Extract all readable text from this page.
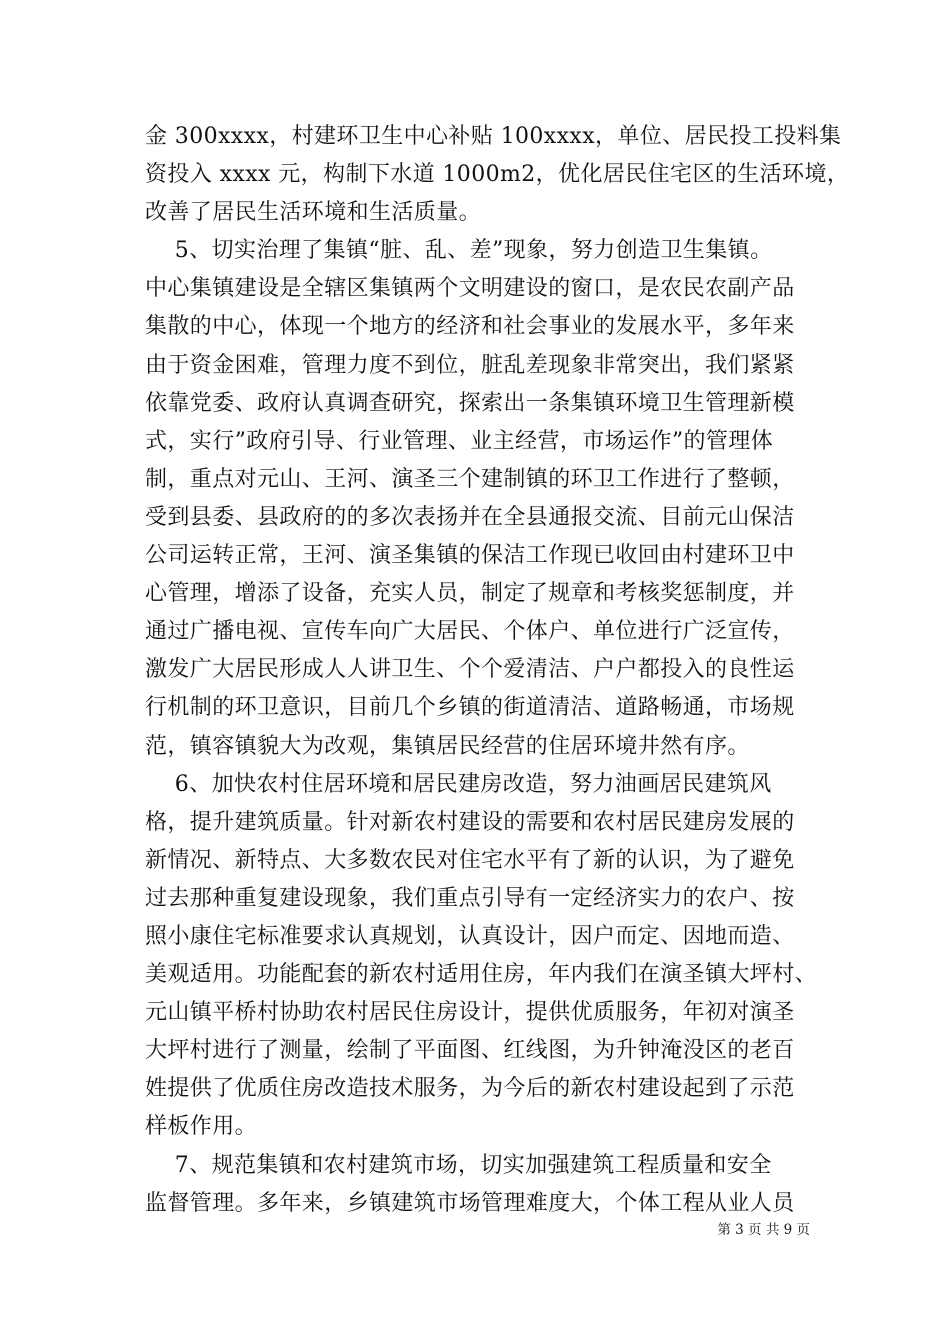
金 300xxxx，村建环卫生中心补贴 100xxxx，单位、居民投工投料集
资投入 xxxx 元，构制下水道 1000m2，优化居民住宅区的生活环境，
改善了居民生活环境和生活质量。
　 5、切实治理了集镇“脏、乱、差”现象，努力创造卫生集镇。
中心集镇建设是全辖区集镇两个文明建设的窗口，是农民农副产品
集散的中心，体现一个地方的经济和社会事业的发展水平，多年来
由于资金困难，管理力度不到位，脏乱差现象非常突出，我们紧紧
依靠党委、政府认真调查研究，探索出一条集镇环境卫生管理新模
式，实行”政府引导、行业管理、业主经营，市场运作”的管理体
制，重点对元山、王河、演圣三个建制镇的环卫工作进行了整顿，
受到县委、县政府的的多次表扬并在全县通报交流、目前元山保洁
公司运转正常，王河、演圣集镇的保洁工作现已收回由村建环卫中
心管理，增添了设备，充实人员，制定了规章和考核奖惩制度，并
通过广播电视、宣传车向广大居民、个体户、单位进行广泛宣传，
激发广大居民形成人人讲卫生、个个爱清洁、户户都投入的良性运
行机制的环卫意识，目前几个乡镇的街道清洁、道路畅通，市场规
范，镇容镇貌大为改观，集镇居民经营的住居环境井然有序。
　 6、加快农村住居环境和居民建房改造，努力油画居民建筑风
格，提升建筑质量。针对新农村建设的需要和农村居民建房发展的
新情况、新特点、大多数农民对住宅水平有了新的认识，为了避免
过去那种重复建设现象，我们重点引导有一定经济实力的农户、按
照小康住宅标准要求认真规划，认真设计，因户而定、因地而造、
美观适用。功能配套的新农村适用住房，年内我们在演圣镇大坪村、
元山镇平桥村协助农村居民住房设计，提供优质服务，年初对演圣
大坪村进行了测量，绘制了平面图、红线图，为升钟淹没区的老百
姓提供了优质住房改造技术服务，为今后的新农村建设起到了示范
样板作用。
　 7、规范集镇和农村建筑市场，切实加强建筑工程质量和安全
监督管理。多年来，乡镇建筑市场管理难度大，个体工程从业人员
第 3 页 共 9 页
